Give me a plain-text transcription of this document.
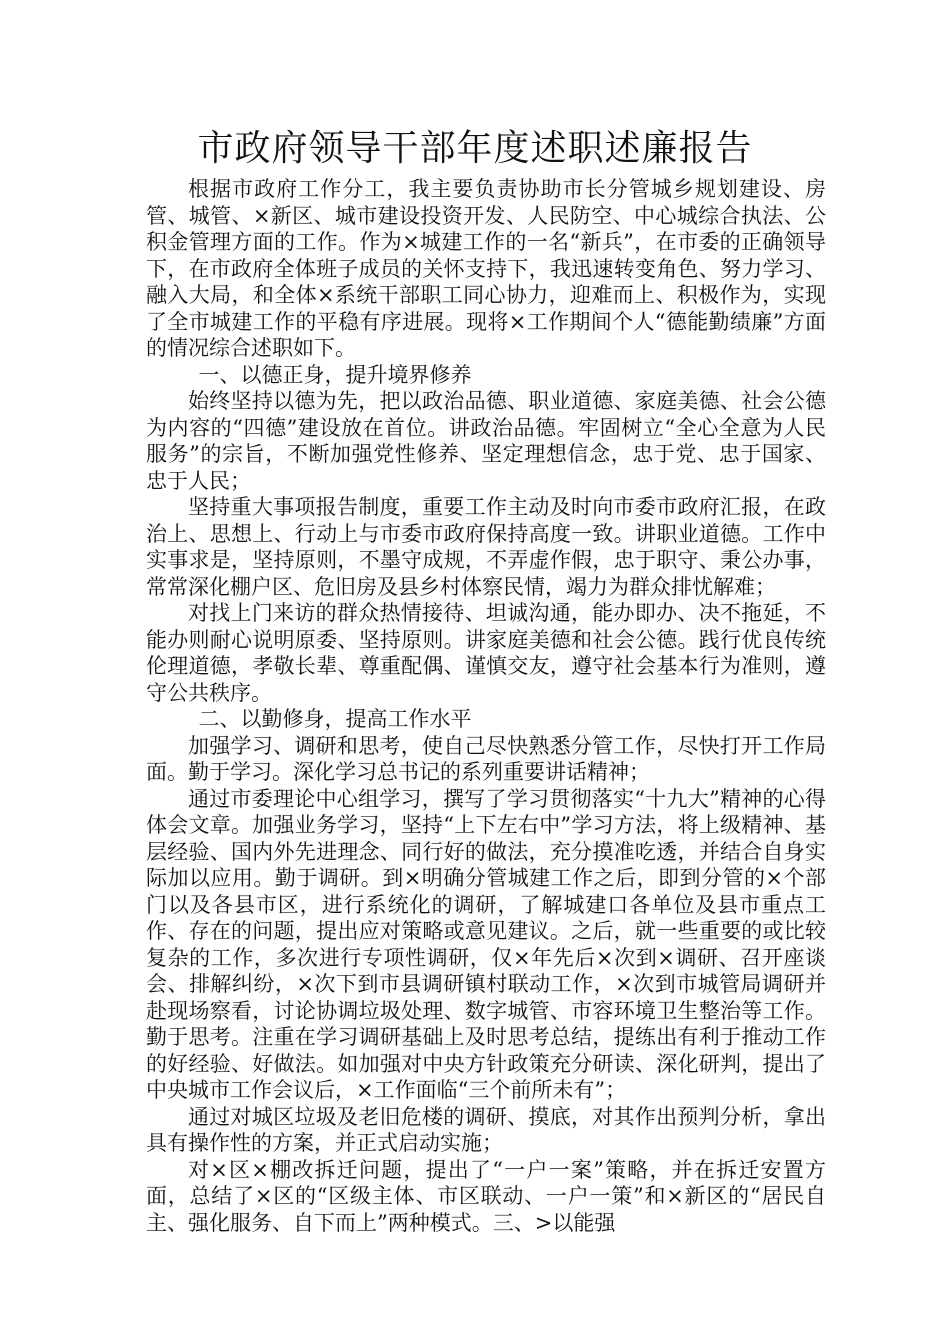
市政府领导干部年度述职述廉报告

根据市政府工作分工，我主要负责协助市长分管城乡规划建设、房管、城管、×新区、城市建设投资开发、人民防空、中心城综合执法、公积金管理方面的工作。作为×城建工作的一名“新兵”，在市委的正确领导下，在市政府全体班子成员的关怀支持下，我迅速转变角色、努力学习、融入大局，和全体×系统干部职工同心协力，迎难而上、积极作为，实现了全市城建工作的平稳有序进展。现将×工作期间个人“德能勤绩廉”方面的情况综合述职如下。

一、以德正身，提升境界修养

始终坚持以德为先，把以政治品德、职业道德、家庭美德、社会公德为内容的“四德”建设放在首位。讲政治品德。牢固树立“全心全意为人民服务”的宗旨，不断加强党性修养、坚定理想信念，忠于党、忠于国家、忠于人民；

坚持重大事项报告制度，重要工作主动及时向市委市政府汇报，在政治上、思想上、行动上与市委市政府保持高度一致。讲职业道德。工作中实事求是，坚持原则，不墨守成规，不弄虚作假，忠于职守、秉公办事，常常深化棚户区、危旧房及县乡村体察民情，竭力为群众排忧解难；

对找上门来访的群众热情接待、坦诚沟通，能办即办、决不拖延，不能办则耐心说明原委、坚持原则。讲家庭美德和社会公德。践行优良传统伦理道德，孝敬长辈、尊重配偶、谨慎交友，遵守社会基本行为准则，遵守公共秩序。

二、以勤修身，提高工作水平

加强学习、调研和思考，使自己尽快熟悉分管工作，尽快打开工作局面。勤于学习。深化学习总书记的系列重要讲话精神；

通过市委理论中心组学习，撰写了学习贯彻落实“十九大”精神的心得体会文章。加强业务学习，坚持“上下左右中”学习方法，将上级精神、基层经验、国内外先进理念、同行好的做法，充分摸准吃透，并结合自身实际加以应用。勤于调研。到×明确分管城建工作之后，即到分管的×个部门以及各县市区，进行系统化的调研，了解城建口各单位及县市重点工作、存在的问题，提出应对策略或意见建议。之后，就一些重要的或比较复杂的工作，多次进行专项性调研，仅×年先后×次到×调研、召开座谈会、排解纠纷，×次下到市县调研镇村联动工作，×次到市城管局调研并赴现场察看，讨论协调垃圾处理、数字城管、市容环境卫生整治等工作。勤于思考。注重在学习调研基础上及时思考总结，提练出有利于推动工作的好经验、好做法。如加强对中央方针政策充分研读、深化研判，提出了中央城市工作会议后，×工作面临“三个前所未有”；

通过对城区垃圾及老旧危楼的调研、摸底，对其作出预判分析，拿出具有操作性的方案，并正式启动实施；

对×区×棚改拆迁问题，提出了“一户一案”策略，并在拆迁安置方面，总结了×区的“区级主体、市区联动、一户一策”和×新区的“居民自主、强化服务、自下而上”两种模式。三、>以能强
